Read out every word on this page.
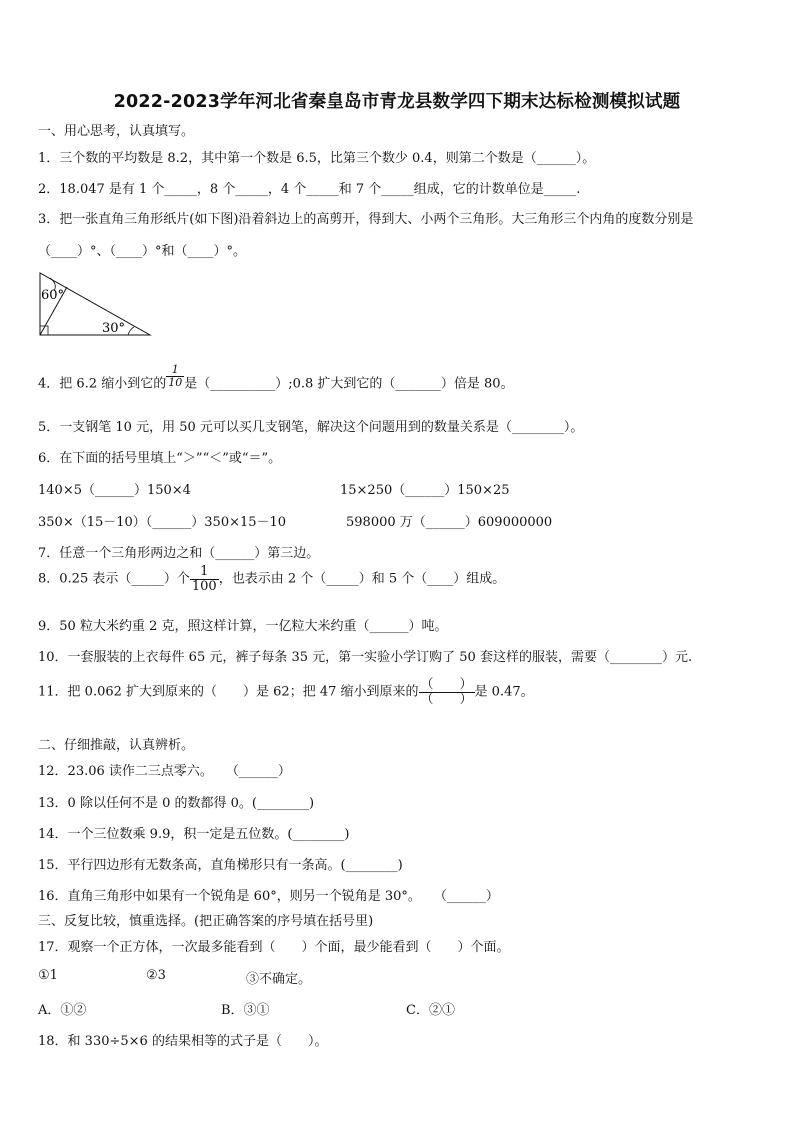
2022-2023学年河北省秦皇岛市青龙县数学四下期末达标检测模拟试题
一、用心思考，认真填写。
1．三个数的平均数是 8.2，其中第一个数是 6.5，比第三个数少 0.4，则第二个数是（______）。
2．18.047 是有 1 个_____，8 个_____，4 个_____和 7 个_____组成，它的计数单位是_____.
3．把一张直角三角形纸片(如下图)沿着斜边上的高剪开，得到大、小两个三角形。大三角形三个内角的度数分别是
（____）°、（____）°和（____）°。
60°
30°
4．把 6.2 缩小到它的 $\frac{1}{10}$ 是（__________）;0.8 扩大到它的（_______）倍是 80。
5．一支钢笔 10 元，用 50 元可以买几支钢笔，解决这个问题用到的数量关系是（________）。
6．在下面的括号里填上“＞”“＜”或“＝”。
140×5（______）150×4	15×250（______）150×25
350×（15－10）（______）350×15－10	598000 万（______）609000000
7．任意一个三角形两边之和（______）第三边。
8．0.25 表示（_____）个 $\frac{1}{100}$ ，也表示由 2 个（_____）和 5 个（____）组成。
9．50 粒大米约重 2 克，照这样计算，一亿粒大米约重（______）吨。
10．一套服装的上衣每件 65 元，裤子每条 35 元，第一实验小学订购了 50 套这样的服装，需要（________）元.
11．把 0.062 扩大到原来的（　　）是 62；把 47 缩小到原来的 $\frac{( )}{( )}$ 是 0.47。
二、仔细推敲，认真辨析。
12．23.06 读作二三点零六。　　（______）
13．0 除以任何不是 0 的数都得 0。(________)
14．一个三位数乘 9.9，积一定是五位数。(________)
15．平行四边形有无数条高，直角梯形只有一条高。(________)
16．直角三角形中如果有一个锐角是 60°，则另一个锐角是 30°。　　（______）
三、反复比较，慎重选择。(把正确答案的序号填在括号里)
17．观察一个正方体，一次最多能看到（　　）个面，最少能看到（　　）个面。
①1	②3	③不确定。
A．①②	B．③①	C．②①
18．和 330÷5×6 的结果相等的式子是（　　）。
